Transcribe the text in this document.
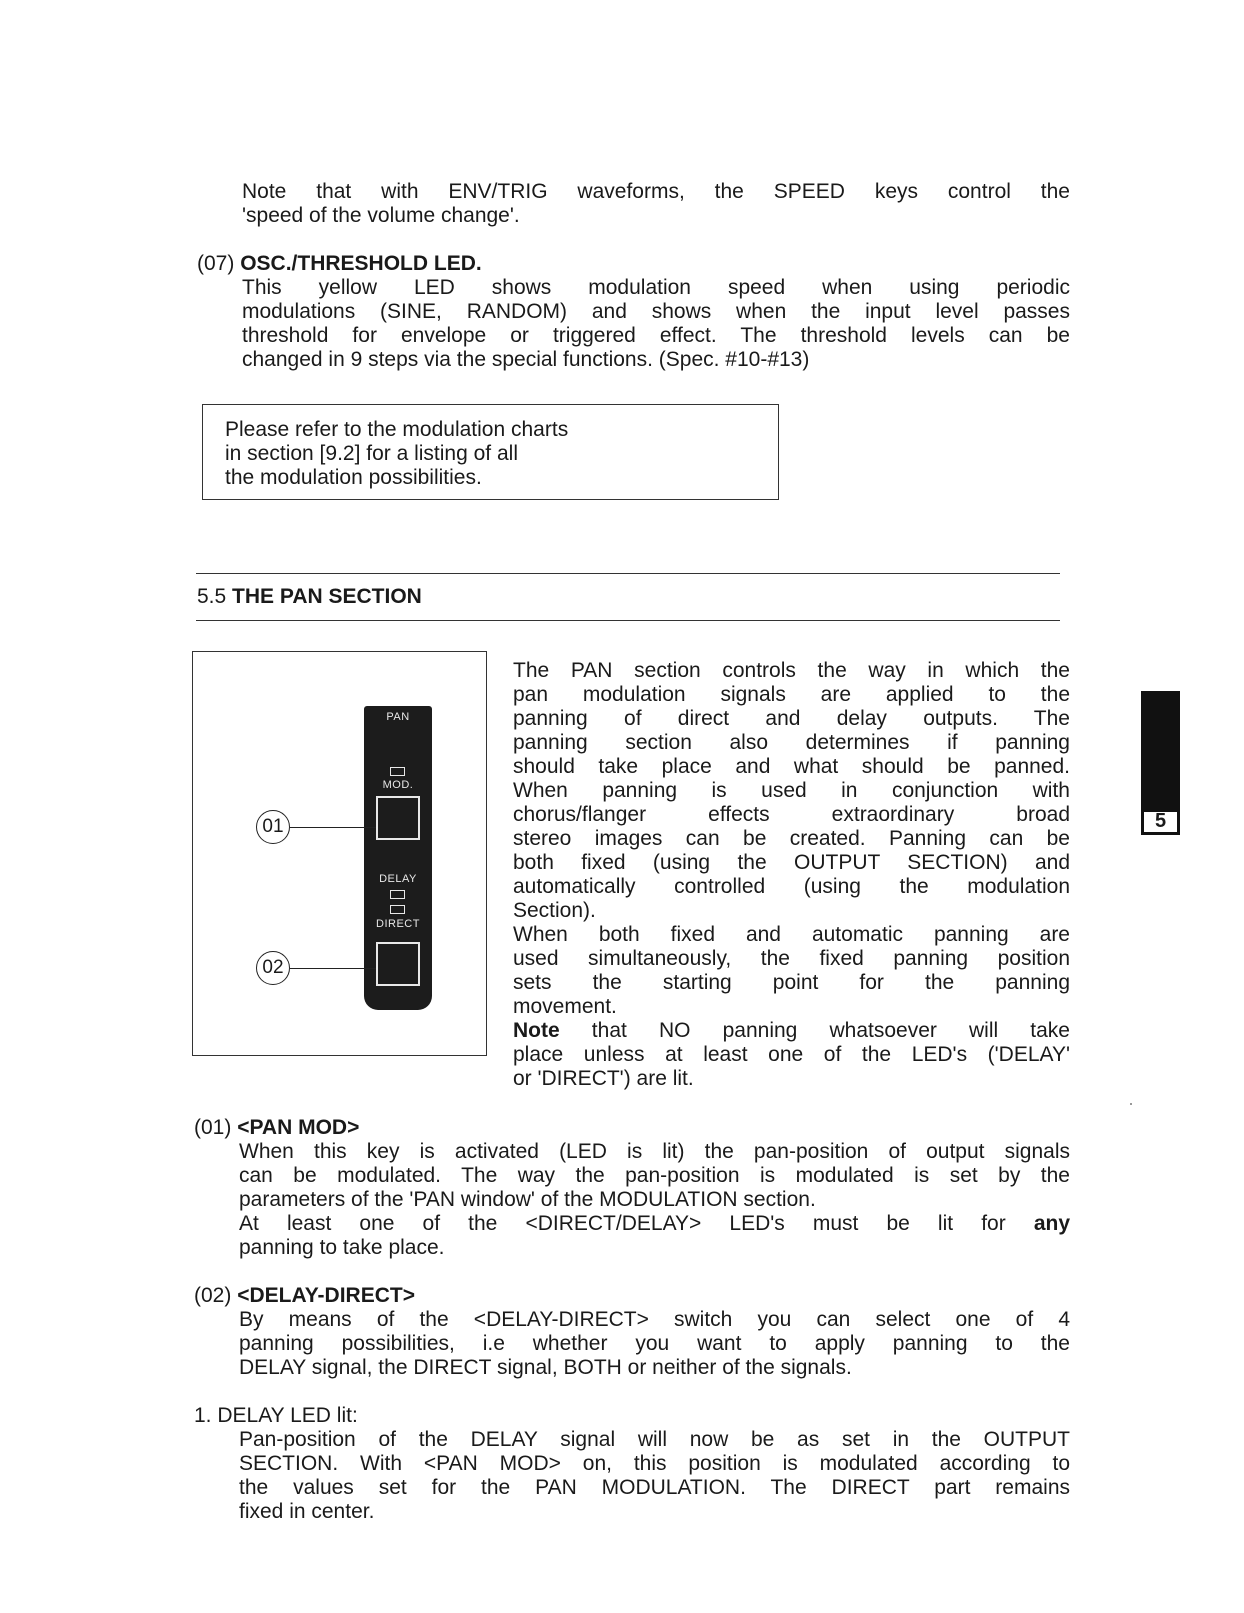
Note that with ENV/TRIG waveforms, the SPEED keys control the

'speed of the volume change'.

(07) OSC./THRESHOLD LED.

This yellow LED shows modulation speed when using periodic

modulations (SINE, RANDOM) and shows when the input level passes

threshold for envelope or triggered effect. The threshold levels can be

changed in 9 steps via the special functions. (Spec. #10-#13)

Please refer to the modulation charts
in section [9.2] for a listing of all
the modulation possibilities.

5.5 THE PAN SECTION

PAN
MOD.
DELAY
DIRECT
01
02

The PAN section controls the way in which the

pan modulation signals are applied to the

panning of direct and delay outputs. The

panning section also determines if panning

should take place and what should be panned.

When panning is used in conjunction with

chorus/flanger effects extraordinary broad

stereo images can be created. Panning can be

both fixed (using the OUTPUT SECTION) and

automatically controlled (using the modulation

Section).

When both fixed and automatic panning are

used simultaneously, the fixed panning position

sets the starting point for the panning

movement.

Note that NO panning whatsoever will take

place unless at least one of the LED's ('DELAY'

or 'DIRECT') are lit.

(01) <PAN MOD>

When this key is activated (LED is lit) the pan-position of output signals

can be modulated. The way the pan-position is modulated is set by the

parameters of the 'PAN window' of the MODULATION section.

At least one of the <DIRECT/DELAY> LED's must be lit for any

panning to take place.

(02) <DELAY-DIRECT>

By means of the <DELAY-DIRECT> switch you can select one of 4

panning possibilities, i.e whether you want to apply panning to the

DELAY signal, the DIRECT signal, BOTH or neither of the signals.

1. DELAY LED lit:

Pan-position of the DELAY signal will now be as set in the OUTPUT

SECTION. With <PAN MOD> on, this position is modulated according to

the values set for the PAN MODULATION. The DIRECT part remains

fixed in center.

5
